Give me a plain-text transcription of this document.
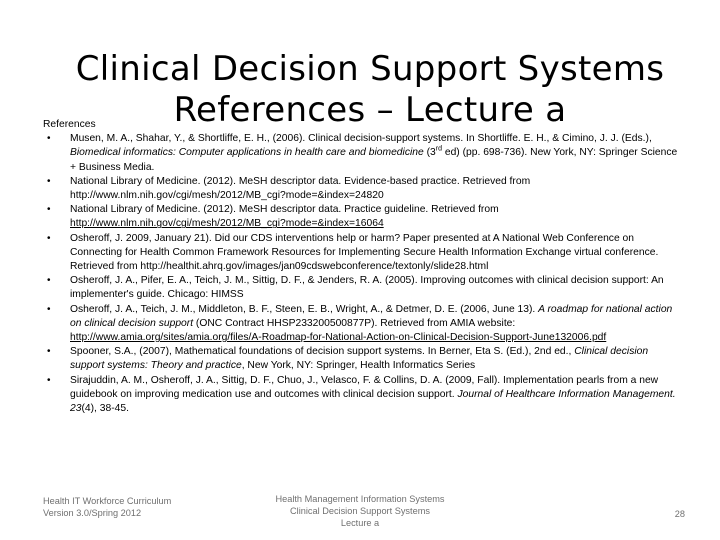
Clinical Decision Support Systems
References – Lecture a
References
• Musen, M. A., Shahar, Y., & Shortliffe, E. H., (2006). Clinical decision-support systems. In Shortliffe. E. H., & Cimino, J. J. (Eds.), Biomedical informatics: Computer applications in health care and biomedicine (3rd ed) (pp. 698-736). New York, NY: Springer Science + Business Media.
• National Library of Medicine. (2012). MeSH descriptor data. Evidence-based practice. Retrieved from http://www.nlm.nih.gov/cgi/mesh/2012/MB_cgi?mode=&index=24820
• National Library of Medicine. (2012). MeSH descriptor data. Practice guideline. Retrieved from http://www.nlm.nih.gov/cgi/mesh/2012/MB_cgi?mode=&index=16064
• Osheroff, J. 2009, January 21). Did our CDS interventions help or harm? Paper presented at A National Web Conference on Connecting for Health Common Framework Resources for Implementing Secure Health Information Exchange virtual conference. Retrieved from http://healthit.ahrq.gov/images/jan09cdswebconference/textonly/slide28.html
• Osheroff, J. A., Pifer, E. A., Teich, J. M., Sittig, D. F., & Jenders, R. A. (2005). Improving outcomes with clinical decision support: An implementer's guide. Chicago: HIMSS
• Osheroff, J. A., Teich, J. M., Middleton, B. F., Steen, E. B., Wright, A., & Detmer, D. E. (2006, June 13). A roadmap for national action on clinical decision support (ONC Contract HHSP233200500877P). Retrieved from AMIA website: http://www.amia.org/sites/amia.org/files/A-Roadmap-for-National-Action-on-Clinical-Decision-Support-June132006.pdf
• Spooner, S.A., (2007), Mathematical foundations of decision support systems. In Berner, Eta S. (Ed.), 2nd ed., Clinical decision support systems: Theory and practice, New York, NY: Springer, Health Informatics Series
• Sirajuddin, A. M., Osheroff, J. A., Sittig, D. F., Chuo, J., Velasco, F. & Collins, D. A. (2009, Fall). Implementation pearls from a new guidebook on improving medication use and outcomes with clinical decision support. Journal of Healthcare Information Management. 23(4), 38-45.
Health IT Workforce Curriculum
Version 3.0/Spring 2012
Health Management Information Systems
Clinical Decision Support Systems
Lecture a
28
